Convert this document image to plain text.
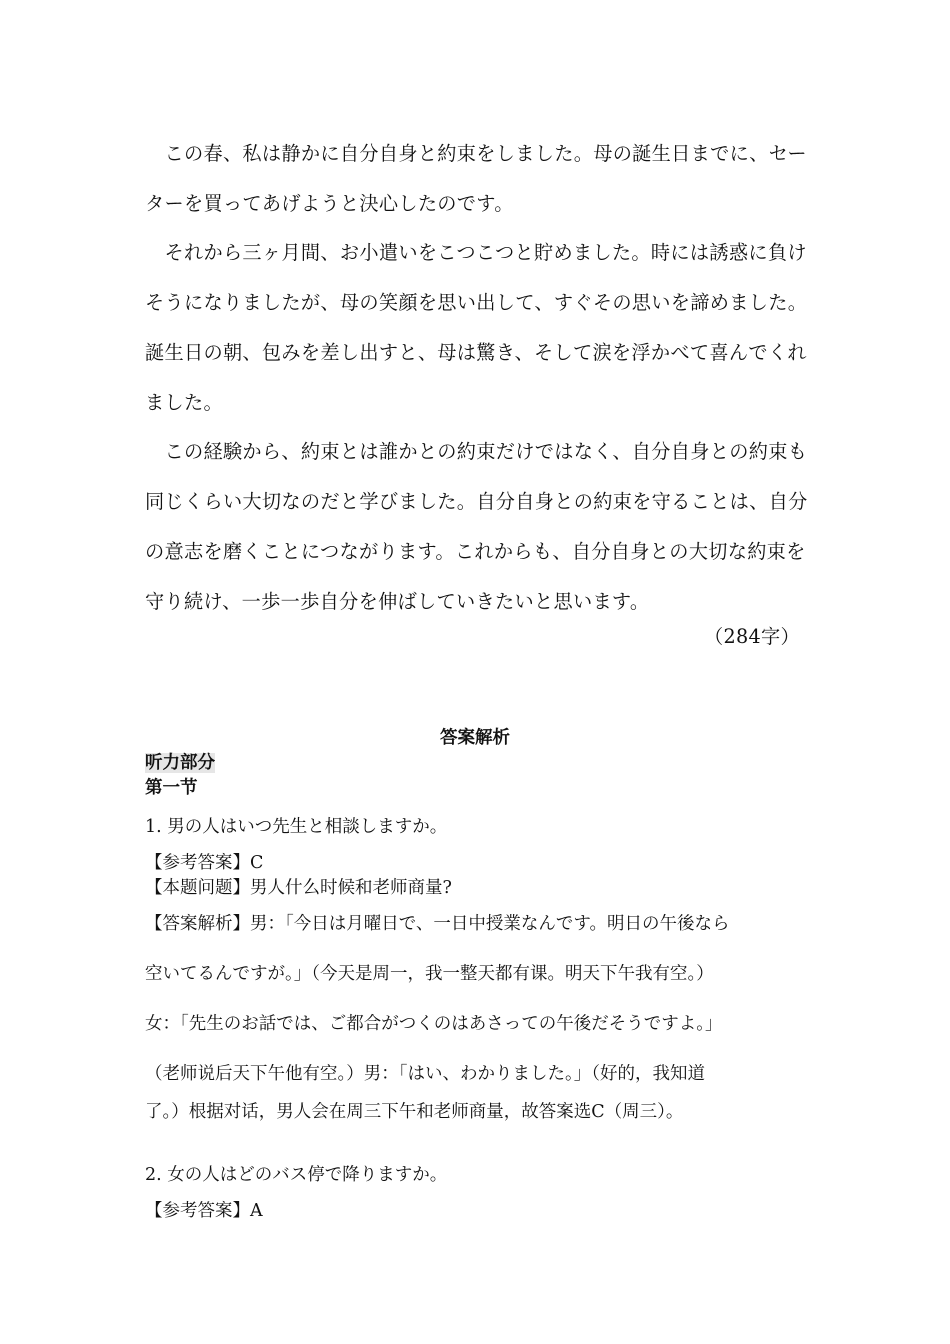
　この春、私は静かに自分自身と約束をしました。母の誕生日までに、セー
ターを買ってあげようと決心したのです。
　それから三ヶ月間、お小遣いをこつこつと貯めました。時には誘惑に負け
そうになりましたが、母の笑顔を思い出して、すぐその思いを諦めました。
誕生日の朝、包みを差し出すと、母は驚き、そして涙を浮かべて喜んでくれ
ました。
　この経験から、約束とは誰かとの約束だけではなく、自分自身との約束も
同じくらい大切なのだと学びました。自分自身との約束を守ることは、自分
の意志を磨くことにつながります。これからも、自分自身との大切な約束を
守り続け、一歩一歩自分を伸ばしていきたいと思います。
（284字）
答案解析
听力部分
第一节
1. 男の人はいつ先生と相談しますか。
【参考答案】C
【本题问题】男人什么时候和老师商量?
【答案解析】男：「今日は月曜日で、一日中授業なんです。明日の午後なら
空いてるんですが。」（今天是周一，我一整天都有课。明天下午我有空。）
女：「先生のお話では、ご都合がつくのはあさっての午後だそうですよ。」
（老师说后天下午他有空。）男：「はい、わかりました。」（好的，我知道
了。）根据对话，男人会在周三下午和老师商量，故答案选C（周三）。
2. 女の人はどのバス停で降りますか。
【参考答案】A
